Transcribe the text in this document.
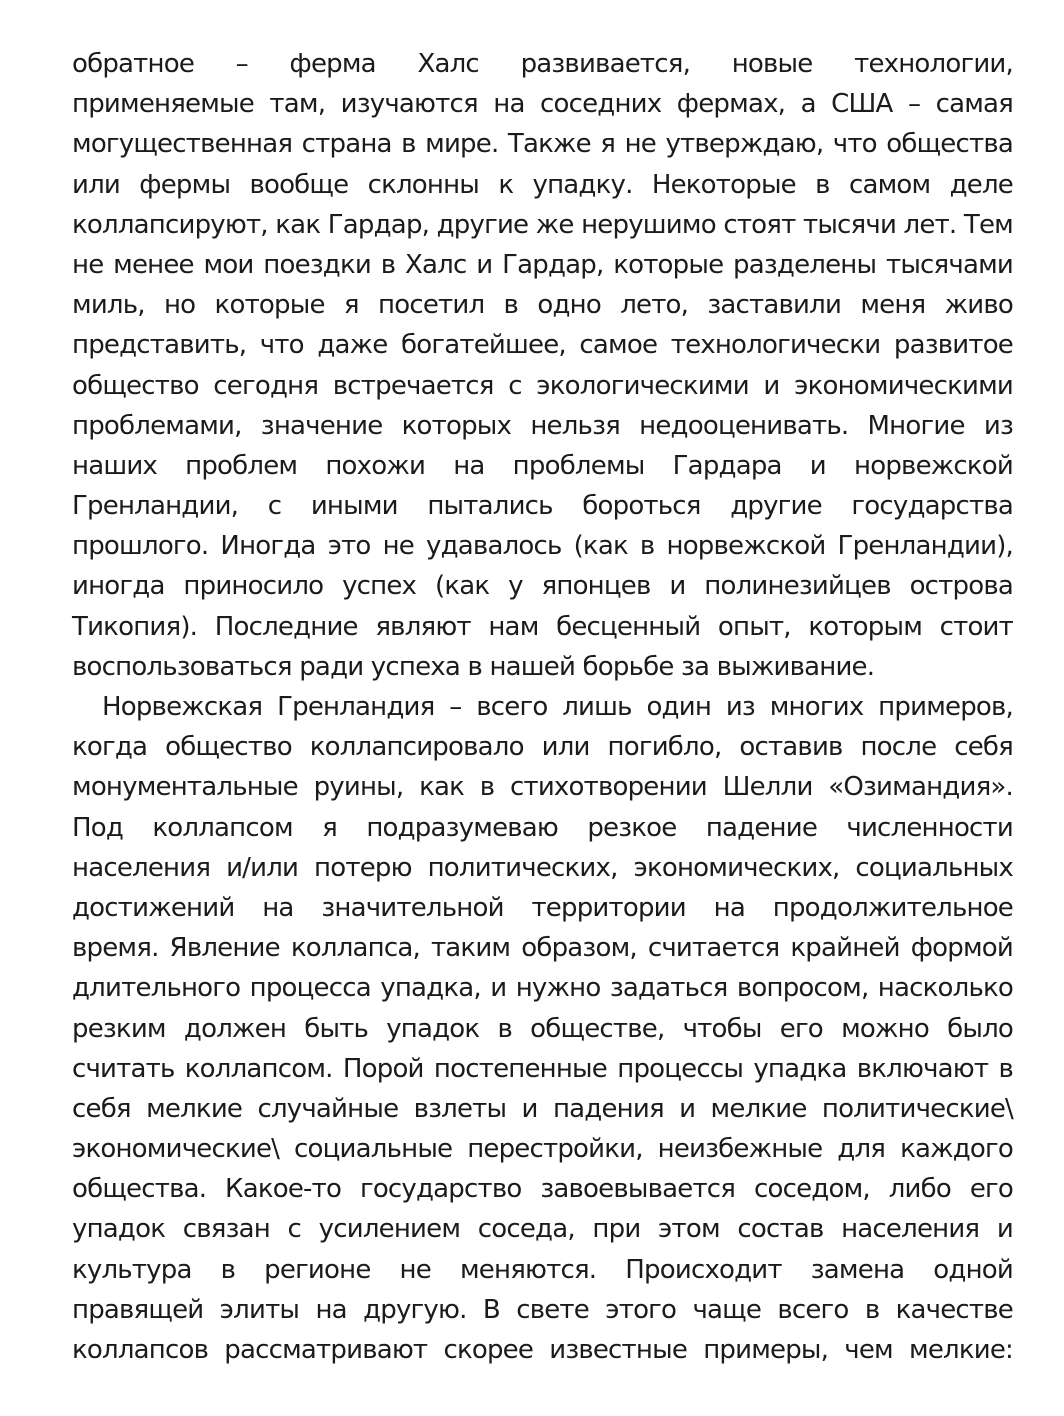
обратное – ферма Халс развивается, новые технологии,
применяемые там, изучаются на соседних фермах, а США – самая
могущественная страна в мире. Также я не утверждаю, что общества
или фермы вообще склонны к упадку. Некоторые в самом деле
коллапсируют, как Гардар, другие же нерушимо стоят тысячи лет. Тем
не менее мои поездки в Халс и Гардар, которые разделены тысячами
миль, но которые я посетил в одно лето, заставили меня живо
представить, что даже богатейшее, самое технологически развитое
общество сегодня встречается с экологическими и экономическими
проблемами, значение которых нельзя недооценивать. Многие из
наших проблем похожи на проблемы Гардара и норвежской
Гренландии, с иными пытались бороться другие государства
прошлого. Иногда это не удавалось (как в норвежской Гренландии),
иногда приносило успех (как у японцев и полинезийцев острова
Тикопия). Последние являют нам бесценный опыт, которым стоит
воспользоваться ради успеха в нашей борьбе за выживание.
Норвежская Гренландия – всего лишь один из многих примеров,
когда общество коллапсировало или погибло, оставив после себя
монументальные руины, как в стихотворении Шелли «Озимандия».
Под коллапсом я подразумеваю резкое падение численности
населения и/или потерю политических, экономических, социальных
достижений на значительной территории на продолжительное
время. Явление коллапса, таким образом, считается крайней формой
длительного процесса упадка, и нужно задаться вопросом, насколько
резким должен быть упадок в обществе, чтобы его можно было
считать коллапсом. Порой постепенные процессы упадка включают в
себя мелкие случайные взлеты и падения и мелкие политические\
экономические\ социальные перестройки, неизбежные для каждого
общества. Какое-то государство завоевывается соседом, либо его
упадок связан с усилением соседа, при этом состав населения и
культура в регионе не меняются. Происходит замена одной
правящей элиты на другую. В свете этого чаще всего в качестве
коллапсов рассматривают скорее известные примеры, чем мелкие:
